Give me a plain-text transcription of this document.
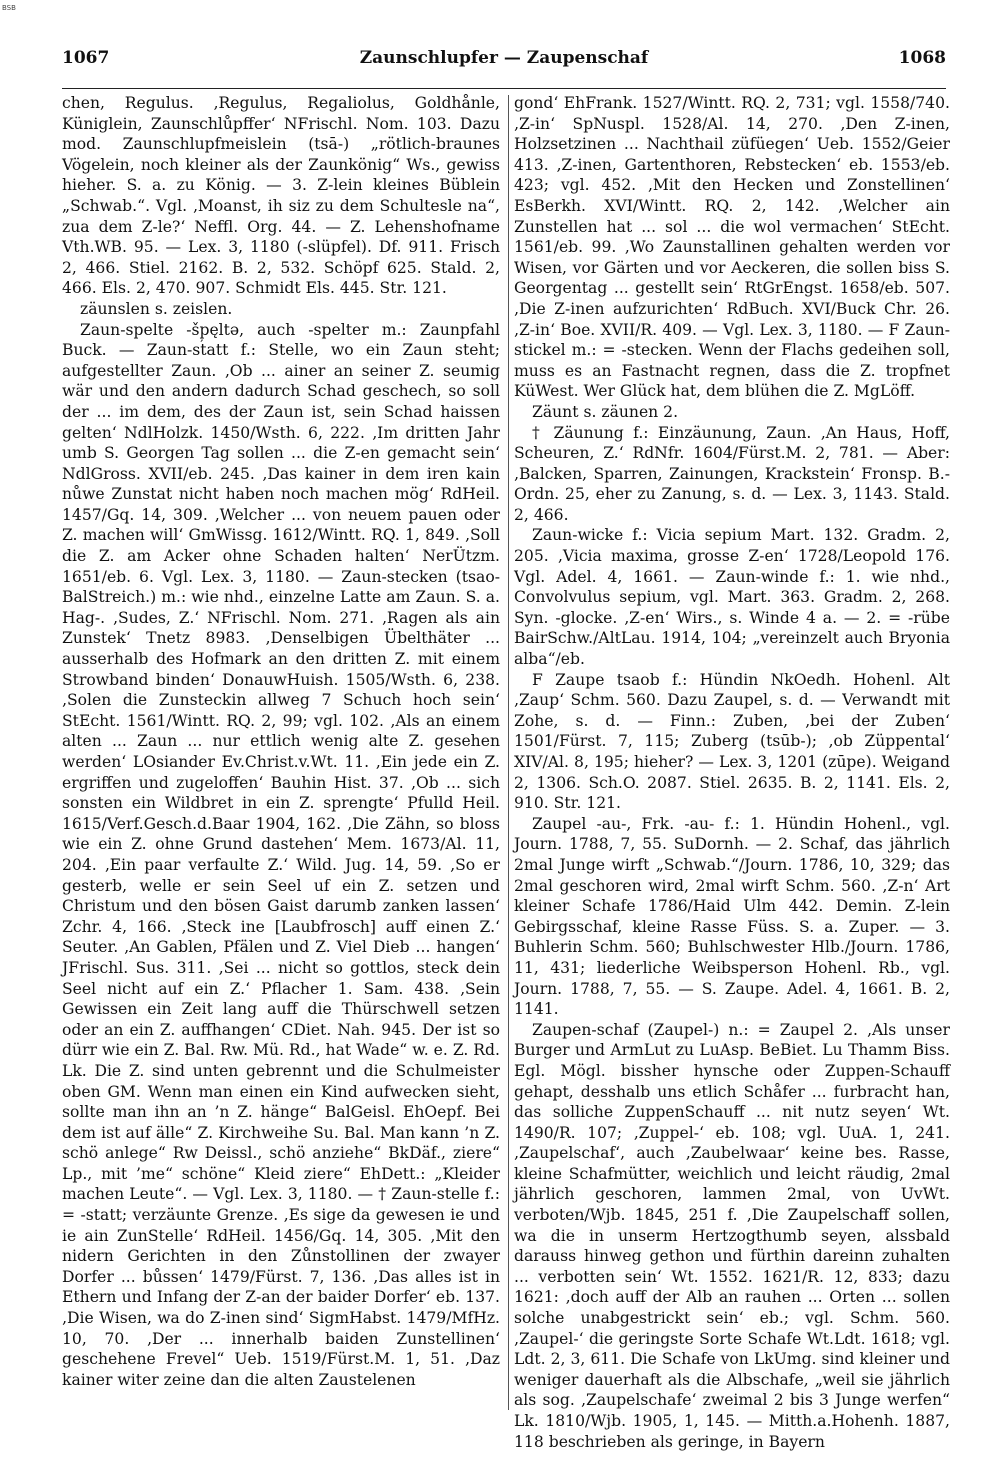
BSB
1067	Zaunschlupfer — Zaupenschaf	1068

chen, Regulus. ‚Regulus, Regaliolus, Goldhånle, Küniglein, Zaunschlůpffer‘ NFrischl. Nom. 103. Dazu mod. Zaunschlupfmeislein (tsā-) „rötlich-braunes Vögelein, noch kleiner als der Zaunkönig“ Ws., gewiss hieher. S. a. zu König. — 3. Z-lein kleines Büblein „Schwab.“. Vgl. ‚Moanst, ih siz zu dem Schultesle na“, zua dem Z-le?‘ Neffl. Org. 44. — Z. Lehenshofname Vth.WB. 95. — Lex. 3, 1180 (-slüpfel). Df. 911. Frisch 2, 466. Stiel. 2162. B. 2, 532. Schöpf 625. Stald. 2, 466. Els. 2, 470. 907. Schmidt Els. 445. Str. 121.

zäunslen s. zeislen.

Zaun-spelte -šp̦ęltǝ, auch -spelter m.: Zaunpfahl Buck. — Zaun-statt f.: Stelle, wo ein Zaun steht; aufgestellter Zaun. ‚Ob ... ainer an seiner Z. seumig wär und den andern dadurch Schad geschech, so soll der ... im dem, des der Zaun ist, sein Schad haissen gelten‘ NdlHolzk. 1450/Wsth. 6, 222. ‚Im dritten Jahr umb S. Georgen Tag sollen ... die Z-en gemacht sein‘ NdlGross. XVII/eb. 245. ‚Das kainer in dem iren kain nůwe Zunstat nicht haben noch machen mög‘ RdHeil. 1457/Gq. 14, 309. ‚Welcher ... von neuem pauen oder Z. machen will‘ GmWissg. 1612/Wintt. RQ. 1, 849. ‚Soll die Z. am Acker ohne Schaden halten‘ NerÜtzm. 1651/eb. 6. Vgl. Lex. 3, 1180. — Zaun-stecken (tsao- BalStreich.) m.: wie nhd., einzelne Latte am Zaun. S. a. Hag-. ‚Sudes, Z.‘ NFrischl. Nom. 271. ‚Ragen als ain Zunstek‘ Tnetz 8983. ‚Denselbigen Übelthäter ... ausserhalb des Hofmark an den dritten Z. mit einem Strowband binden‘ DonauwHuish. 1505/Wsth. 6, 238. ‚Solen die Zunsteckin allweg 7 Schuch hoch sein‘ StEcht. 1561/Wintt. RQ. 2, 99; vgl. 102. ‚Als an einem alten ... Zaun ... nur ettlich wenig alte Z. gesehen werden‘ LOsiander Ev.Christ.v.Wt. 11. ‚Ein jede ein Z. ergriffen und zugeloffen‘ Bauhin Hist. 37. ‚Ob ... sich sonsten ein Wildbret in ein Z. sprengte‘ Pfulld Heil. 1615/Verf.Gesch.d.Baar 1904, 162. ‚Die Zähn, so bloss wie ein Z. ohne Grund dastehen‘ Mem. 1673/Al. 11, 204. ‚Ein paar verfaulte Z.‘ Wild. Jug. 14, 59. ‚So er gesterb, welle er sein Seel uf ein Z. setzen und Christum und den bösen Gaist darumb zanken lassen‘ Zchr. 4, 166. ‚Steck ine [Laubfrosch] auff einen Z.‘ Seuter. ‚An Gablen, Pfälen und Z. Viel Dieb ... hangen‘ JFrischl. Sus. 311. ‚Sei ... nicht so gottlos, steck dein Seel nicht auf ein Z.‘ Pflacher 1. Sam. 438. ‚Sein Gewissen ein Zeit lang auff die Thürschwell setzen oder an ein Z. auffhangen‘ CDiet. Nah. 945. Der ist so dürr wie ein Z. Bal. Rw. Mü. Rd., hat Wade“ w. e. Z. Rd. Lk. Die Z. sind unten gebrennt und die Schulmeister oben GM. Wenn man einen ein Kind aufwecken sieht, sollte man ihn an ’n Z. hänge“ BalGeisl. EhOepf. Bei dem ist auf älle“ Z. Kirchweihe Su. Bal. Man kann ’n Z. schö anlege“ Rw Deissl., schö anziehe“ BkDäf., ziere“ Lp., mit ’me“ schöne“ Kleid ziere“ EhDett.: „Kleider machen Leute“. — Vgl. Lex. 3, 1180. — † Zaun-stelle f.: = -statt; verzäunte Grenze. ‚Es sige da gewesen ie und ie ain ZunStelle‘ RdHeil. 1456/Gq. 14, 305. ‚Mit den nidern Gerichten in den Zůnstollinen der zwayer Dorfer ... bůssen‘ 1479/Fürst. 7, 136. ‚Das alles ist in Ethern und Infang der Z-an der baider Dorfer‘ eb. 137. ‚Die Wisen, wa do Z-inen sind‘ SigmHabst. 1479/MfHz. 10, 70. ‚Der ... innerhalb baiden Zunstellinen‘ geschehene Frevel“ Ueb. 1519/Fürst.M. 1, 51. ‚Daz kainer witer zeine dan die alten Zaustelenen

gond‘ EhFrank. 1527/Wintt. RQ. 2, 731; vgl. 1558/740. ‚Z-in‘ SpNuspl. 1528/Al. 14, 270. ‚Den Z-inen, Holzsetzinen ... Nachthail züfüegen‘ Ueb. 1552/Geier 413. ‚Z-inen, Gartenthoren, Rebstecken‘ eb. 1553/eb. 423; vgl. 452. ‚Mit den Hecken und Zonstellinen‘ EsBerkh. XVI/Wintt. RQ. 2, 142. ‚Welcher ain Zunstellen hat ... sol ... die wol vermachen‘ StEcht. 1561/eb. 99. ‚Wo Zaunstallinen gehalten werden vor Wisen, vor Gärten und vor Aeckeren, die sollen biss S. Georgentag ... gestellt sein‘ RtGrEngst. 1658/eb. 507. ‚Die Z-inen aufzurichten‘ RdBuch. XVI/Buck Chr. 26. ‚Z-in‘ Boe. XVII/R. 409. — Vgl. Lex. 3, 1180. — F Zaun-stickel m.: = -stecken. Wenn der Flachs gedeihen soll, muss es an Fastnacht regnen, dass die Z. tropfnet KüWest. Wer Glück hat, dem blühen die Z. MgLöff.

Zäunt s. zäunen 2.

† Zäunung f.: Einzäunung, Zaun. ‚An Haus, Hoff, Scheuren, Z.‘ RdNfr. 1604/Fürst.M. 2, 781. — Aber: ‚Balcken, Sparren, Zainungen, Krackstein‘ Fronsp. B.-Ordn. 25, eher zu Zanung, s. d. — Lex. 3, 1143. Stald. 2, 466.

Zaun-wicke f.: Vicia sepium Mart. 132. Gradm. 2, 205. ‚Vicia maxima, grosse Z-en‘ 1728/Leopold 176. Vgl. Adel. 4, 1661. — Zaun-winde f.: 1. wie nhd., Convolvulus sepium, vgl. Mart. 363. Gradm. 2, 268. Syn. -glocke. ‚Z-en‘ Wirs., s. Winde 4 a. — 2. = -rübe BairSchw./AltLau. 1914, 104; „vereinzelt auch Bryonia alba“/eb.

F Zaupe tsaob f.: Hündin NkOedh. Hohenl. Alt ‚Zaup‘ Schm. 560. Dazu Zaupel, s. d. — Verwandt mit Zohe, s. d. — Finn.: Zuben, ‚bei der Zuben‘ 1501/Fürst. 7, 115; Zuberg (tsūb-); ‚ob Züppental‘ XIV/Al. 8, 195; hieher? — Lex. 3, 1201 (zūpe). Weigand 2, 1306. Sch.O. 2087. Stiel. 2635. B. 2, 1141. Els. 2, 910. Str. 121.

Zaupel -au-, Frk. -au- f.: 1. Hündin Hohenl., vgl. Journ. 1788, 7, 55. SuDornh. — 2. Schaf, das jährlich 2mal Junge wirft „Schwab.“/Journ. 1786, 10, 329; das 2mal geschoren wird, 2mal wirft Schm. 560. ‚Z-n‘ Art kleiner Schafe 1786/Haid Ulm 442. Demin. Z-lein Gebirgsschaf, kleine Rasse Füss. S. a. Zuper. — 3. Buhlerin Schm. 560; Buhlschwester Hlb./Journ. 1786, 11, 431; liederliche Weibsperson Hohenl. Rb., vgl. Journ. 1788, 7, 55. — S. Zaupe. Adel. 4, 1661. B. 2, 1141.

Zaupen-schaf (Zaupel-) n.: = Zaupel 2. ‚Als unser Burger und ArmLut zu LuAsp. BeBiet. Lu Thamm Biss. Egl. Mögl. bissher hynsche oder Zuppen-Schauff gehapt, desshalb uns etlich Schåfer ... furbracht han, das solliche ZuppenSchauff ... nit nutz seyen‘ Wt. 1490/R. 107; ‚Zuppel-‘ eb. 108; vgl. UuA. 1, 241. ‚Zaupelschaf‘, auch ‚Zaubelwaar‘ keine bes. Rasse, kleine Schafmütter, weichlich und leicht räudig, 2mal jährlich geschoren, lammen 2mal, von UvWt. verboten/Wjb. 1845, 251 f. ‚Die Zaupelschaff sollen, wa die in unserm Hertzogthumb seyen, alssbald darauss hinweg gethon und fürthin dareinn zuhalten ... verbotten sein‘ Wt. 1552. 1621/R. 12, 833; dazu 1621: ‚doch auff der Alb an rauhen ... Orten ... sollen solche unabgestrickt sein‘ eb.; vgl. Schm. 560. ‚Zaupel-‘ die geringste Sorte Schafe Wt.Ldt. 1618; vgl. Ldt. 2, 3, 611. Die Schafe von LkUmg. sind kleiner und weniger dauerhaft als die Albschafe, „weil sie jährlich als sog. ‚Zaupelschafe‘ zweimal 2 bis 3 Junge werfen“ Lk. 1810/Wjb. 1905, 1, 145. — Mitth.a.Hohenh. 1887, 118 beschrieben als geringe, in Bayern
